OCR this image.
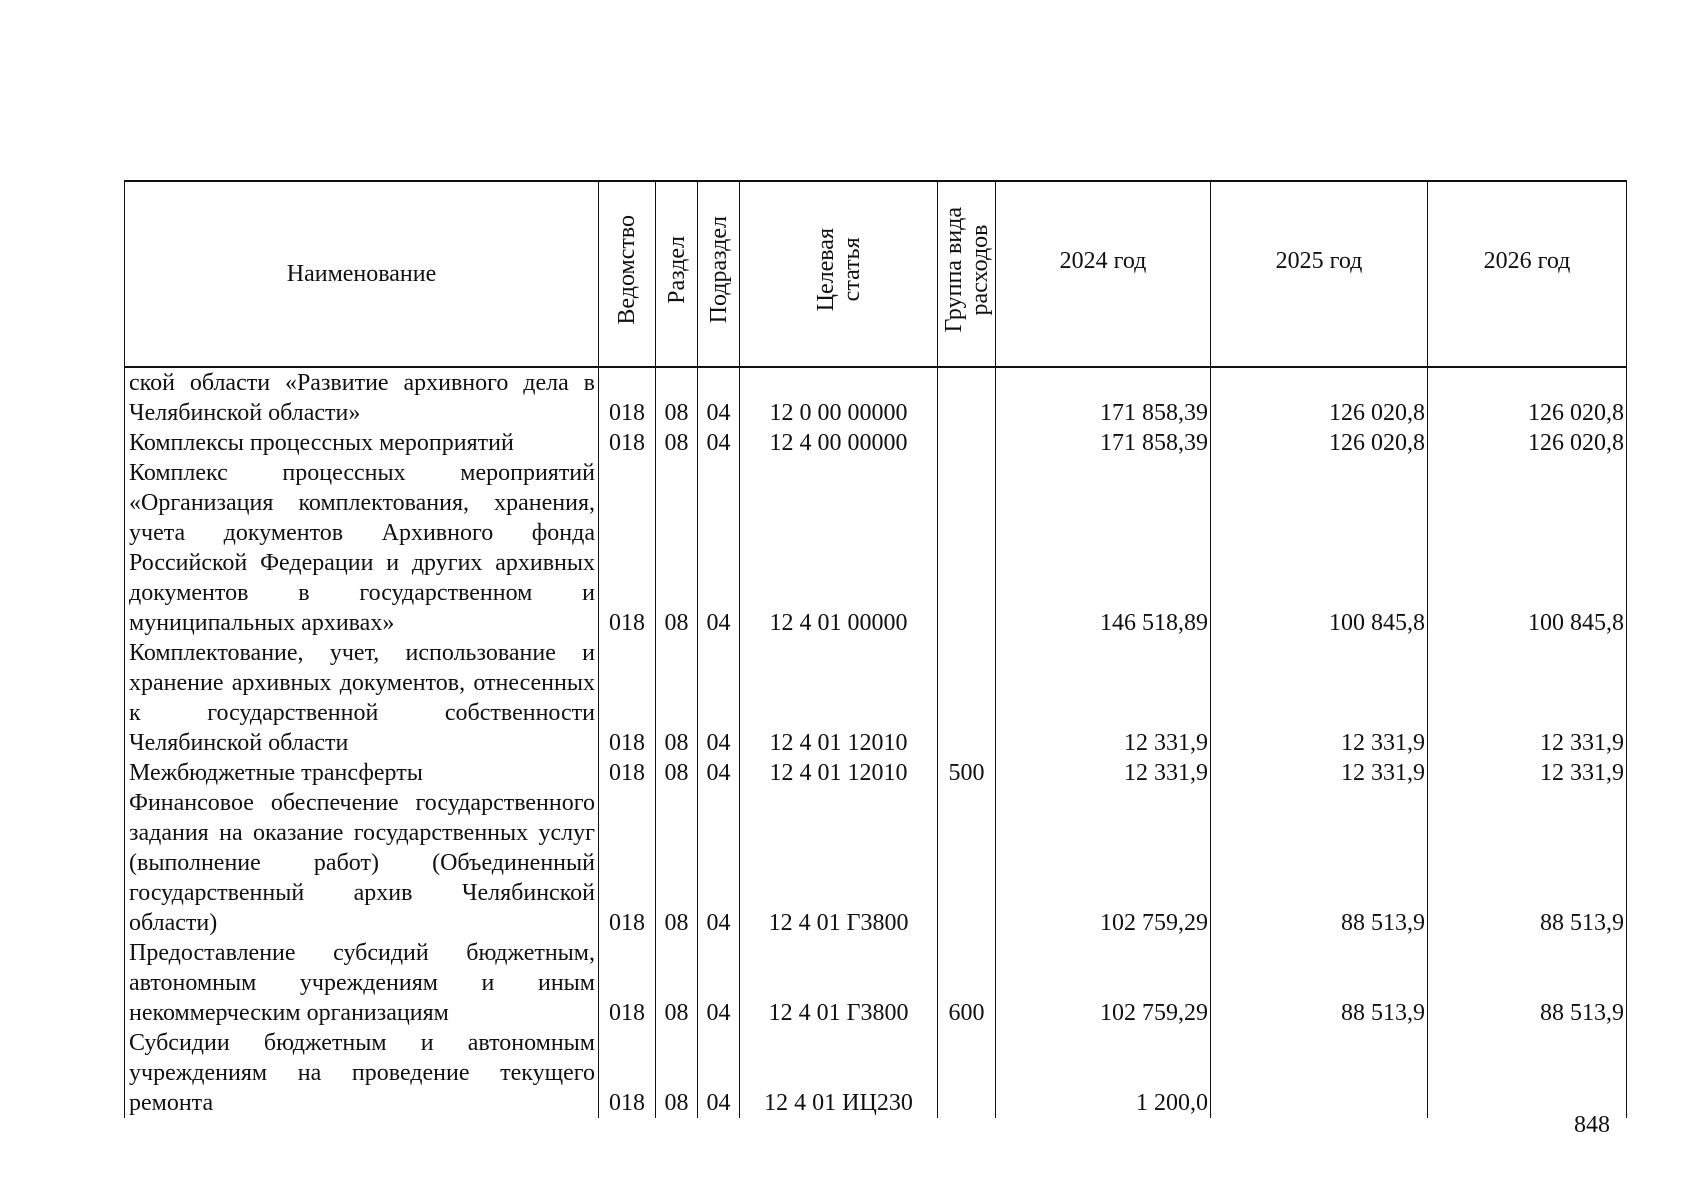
Наименование	Ведомство	Раздел	Подраздел	Целевая статья	Группа вида расходов	2024 год	2025 год	2026 год
ской области «Развитие архивного дела в Челябинской области»	018	08	04	12 0 00 00000		171 858,39	126 020,8	126 020,8
Комплексы процессных мероприятий	018	08	04	12 4 00 00000		171 858,39	126 020,8	126 020,8
Комплекс процессных мероприятий «Организация комплектования, хранения, учета документов Архивного фонда Российской Федерации и других архивных документов в государственном и муниципальных архивах»	018	08	04	12 4 01 00000		146 518,89	100 845,8	100 845,8
Комплектование, учет, использование и хранение архивных документов, отнесенных к государственной собственности Челябинской области	018	08	04	12 4 01 12010		12 331,9	12 331,9	12 331,9
Межбюджетные трансферты	018	08	04	12 4 01 12010	500	12 331,9	12 331,9	12 331,9
Финансовое обеспечение государственного задания на оказание государственных услуг (выполнение работ) (Объединенный государственный архив Челябинской области)	018	08	04	12 4 01 Г3800		102 759,29	88 513,9	88 513,9
Предоставление субсидий бюджетным, автономным учреждениям и иным некоммерческим организациям	018	08	04	12 4 01 Г3800	600	102 759,29	88 513,9	88 513,9
Субсидии бюджетным и автономным учреждениям на проведение текущего ремонта	018	08	04	12 4 01 ИЦ230		1 200,0		
848
